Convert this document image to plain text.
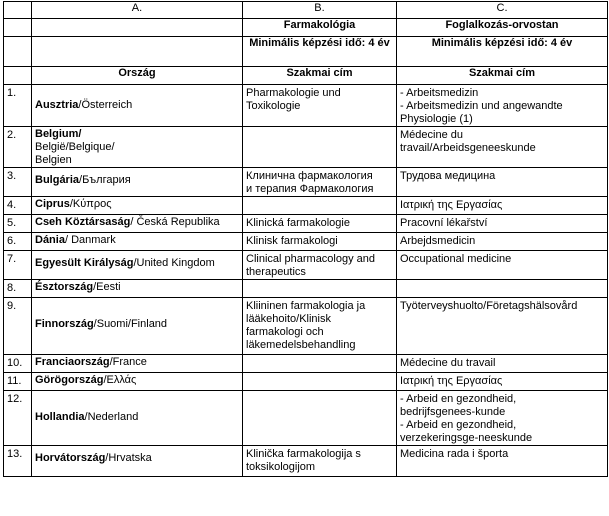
	A.	B.	C.
		Farmakológia	Foglalkozás-orvostan
		Minimális képzési idő: 4 év	Minimális képzési idő: 4 év
	Ország	Szakmai cím	Szakmai cím
1.	Ausztria/Österreich	Pharmakologie und
Toxikologie	- Arbeitsmedizin
- Arbeitsmedizin und angewandte
Physiologie (1)
2.	Belgium/
België/Belgique/
Belgien		Médecine du
travail/Arbeidsgeneeskunde
3.	Bulgária/България	Клинична фармакология
и терапия Фармакология	Трудова медицина
4.	Ciprus/Κύπρος		Ιατρική της Εργασίας
5.	Cseh Köztársaság/ Česká Republika	Klinická farmakologie	Pracovní lékařství
6.	Dánia/ Danmark	Klinisk farmakologi	Arbejdsmedicin
7.	Egyesült Királyság/United Kingdom	Clinical pharmacology and
therapeutics	Occupational medicine
8.	Észtország/Eesti		

9.	Finnország/Suomi/Finland	Kliininen farmakologia ja
lääkehoito/Klinisk
farmakologi och
läkemedelsbehandling	Työterveyshuolto/Företagshälsovård
10.	Franciaország/France		Médecine du travail
11.	Görögország/Ελλάς		Ιατρική της Εργασίας
12.	Hollandia/Nederland		- Arbeid en gezondheid,
bedrijfsgenees-kunde
- Arbeid en gezondheid,
verzekeringsge-neeskunde
13.	Horvátország/Hrvatska	Klinička farmakologija s
toksikologijom	Medicina rada i športa
